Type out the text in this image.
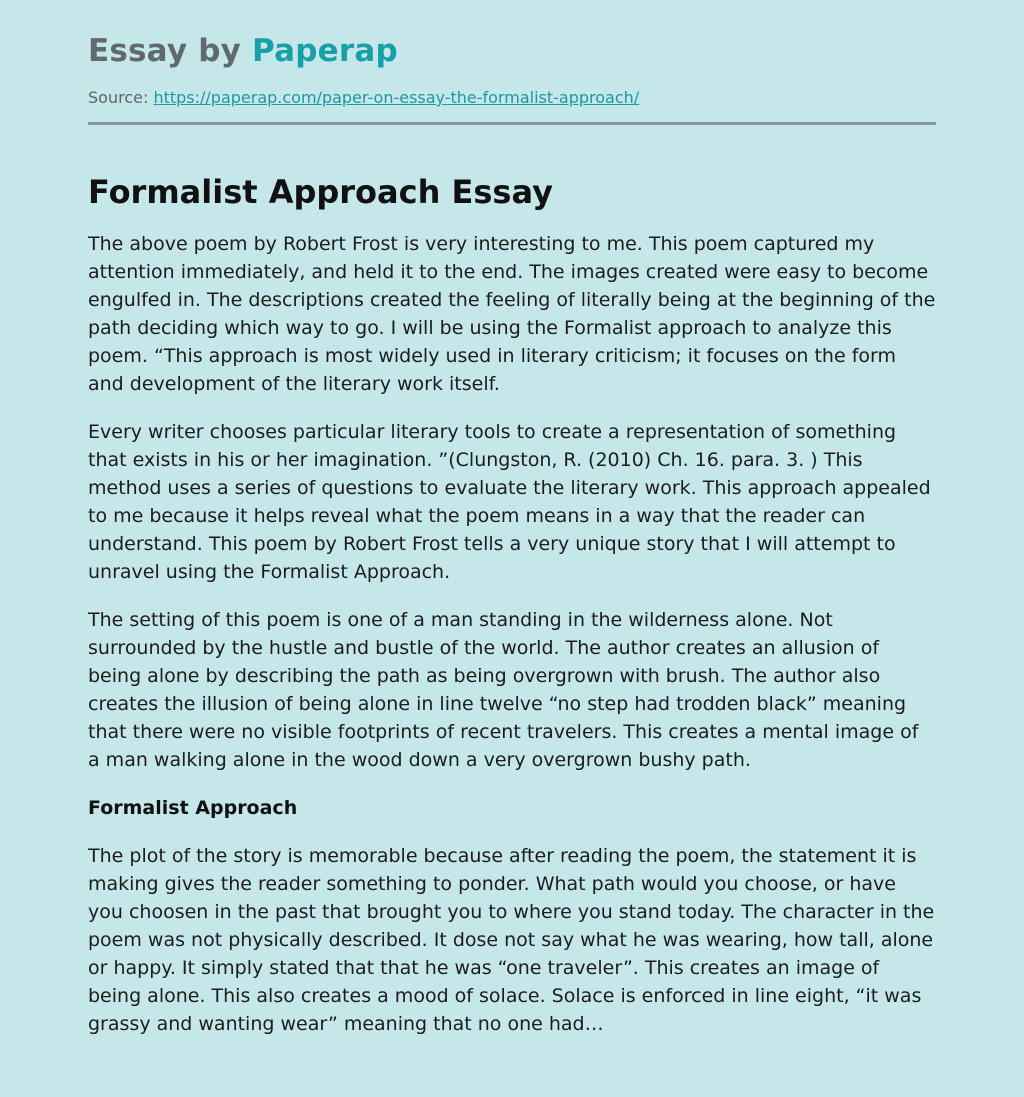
Essay by Paperap
Source: https://paperap.com/paper-on-essay-the-formalist-approach/
Formalist Approach Essay

The above poem by Robert Frost is very interesting to me. This poem captured my attention immediately, and held it to the end. The images created were easy to become engulfed in. The descriptions created the feeling of literally being at the beginning of the path deciding which way to go. I will be using the Formalist approach to analyze this poem. “This approach is most widely used in literary criticism; it focuses on the form and development of the literary work itself.

Every writer chooses particular literary tools to create a representation of something that exists in his or her imagination. ”(Clungston, R. (2010) Ch. 16. para. 3. ) This method uses a series of questions to evaluate the literary work. This approach appealed to me because it helps reveal what the poem means in a way that the reader can understand. This poem by Robert Frost tells a very unique story that I will attempt to unravel using the Formalist Approach.

The setting of this poem is one of a man standing in the wilderness alone. Not surrounded by the hustle and bustle of the world. The author creates an allusion of being alone by describing the path as being overgrown with brush. The author also creates the illusion of being alone in line twelve “no step had trodden black” meaning that there were no visible footprints of recent travelers. This creates a mental image of a man walking alone in the wood down a very overgrown bushy path.

Formalist Approach

The plot of the story is memorable because after reading the poem, the statement it is making gives the reader something to ponder. What path would you choose, or have you choosen in the past that brought you to where you stand today. The character in the poem was not physically described. It dose not say what he was wearing, how tall, alone or happy. It simply stated that that he was “one traveler”. This creates an image of being alone. This also creates a mood of solace. Solace is enforced in line eight, “it was grassy and wanting wear” meaning that no one had…
